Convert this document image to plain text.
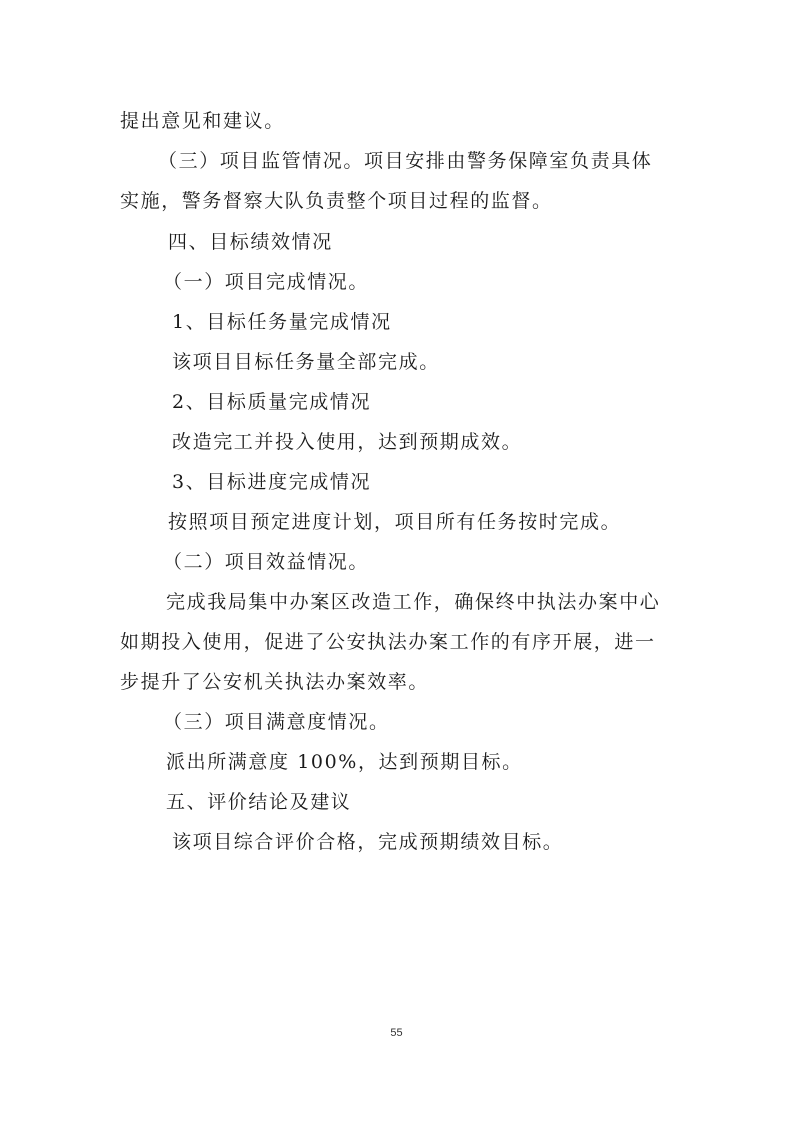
提出意见和建议。
（三）项目监管情况。项目安排由警务保障室负责具体
实施，警务督察大队负责整个项目过程的监督。
四、目标绩效情况
（一）项目完成情况。
1、目标任务量完成情况
该项目目标任务量全部完成。
2、目标质量完成情况
改造完工并投入使用，达到预期成效。
3、目标进度完成情况
按照项目预定进度计划，项目所有任务按时完成。
（二）项目效益情况。
完成我局集中办案区改造工作，确保终中执法办案中心
如期投入使用，促进了公安执法办案工作的有序开展，进一
步提升了公安机关执法办案效率。
（三）项目满意度情况。
派出所满意度 100%，达到预期目标。
五、评价结论及建议
该项目综合评价合格，完成预期绩效目标。
55
